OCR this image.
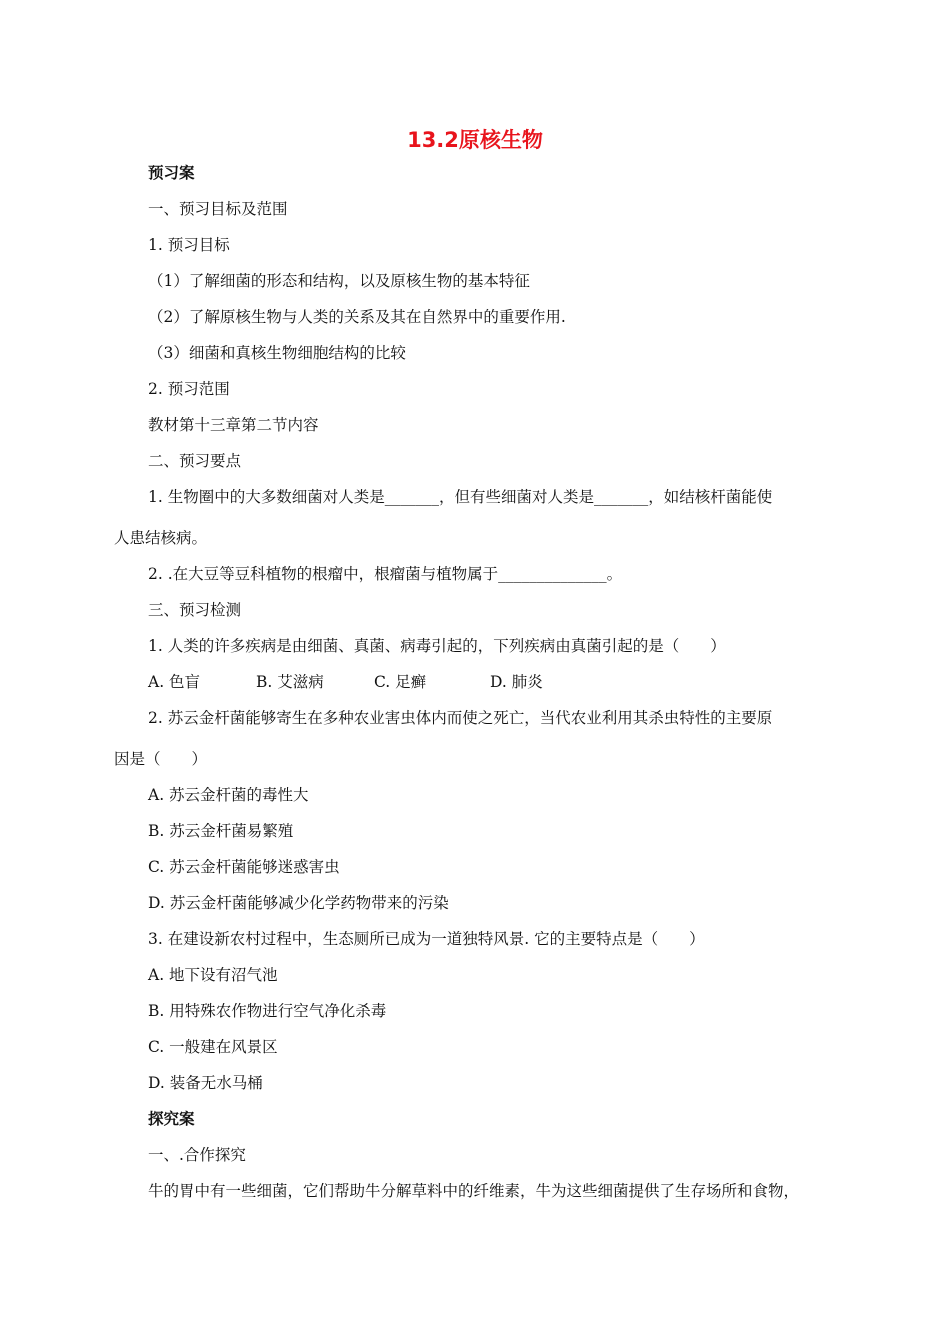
13.2原核生物
预习案
一、预习目标及范围
1. 预习目标
（1）了解细菌的形态和结构，以及原核生物的基本特征
（2）了解原核生物与人类的关系及其在自然界中的重要作用.
（3）细菌和真核生物细胞结构的比较
2. 预习范围
教材第十三章第二节内容
二、预习要点
1. 生物圈中的大多数细菌对人类是_______，但有些细菌对人类是_______，如结核杆菌能使
人患结核病。
2. .在大豆等豆科植物的根瘤中，根瘤菌与植物属于______________。
三、预习检测
1. 人类的许多疾病是由细菌、真菌、病毒引起的，下列疾病由真菌引起的是（　　）
A. 色盲	B. 艾滋病	C. 足癣	D. 肺炎
2. 苏云金杆菌能够寄生在多种农业害虫体内而使之死亡，当代农业利用其杀虫特性的主要原
因是（　　）
A. 苏云金杆菌的毒性大
B. 苏云金杆菌易繁殖
C. 苏云金杆菌能够迷惑害虫
D. 苏云金杆菌能够减少化学药物带来的污染
3. 在建设新农村过程中，生态厕所已成为一道独特风景. 它的主要特点是（　　）
A. 地下设有沼气池
B. 用特殊农作物进行空气净化杀毒
C. 一般建在风景区
D. 装备无水马桶
探究案
一、.合作探究
牛的胃中有一些细菌，它们帮助牛分解草料中的纤维素，牛为这些细菌提供了生存场所和食物，
